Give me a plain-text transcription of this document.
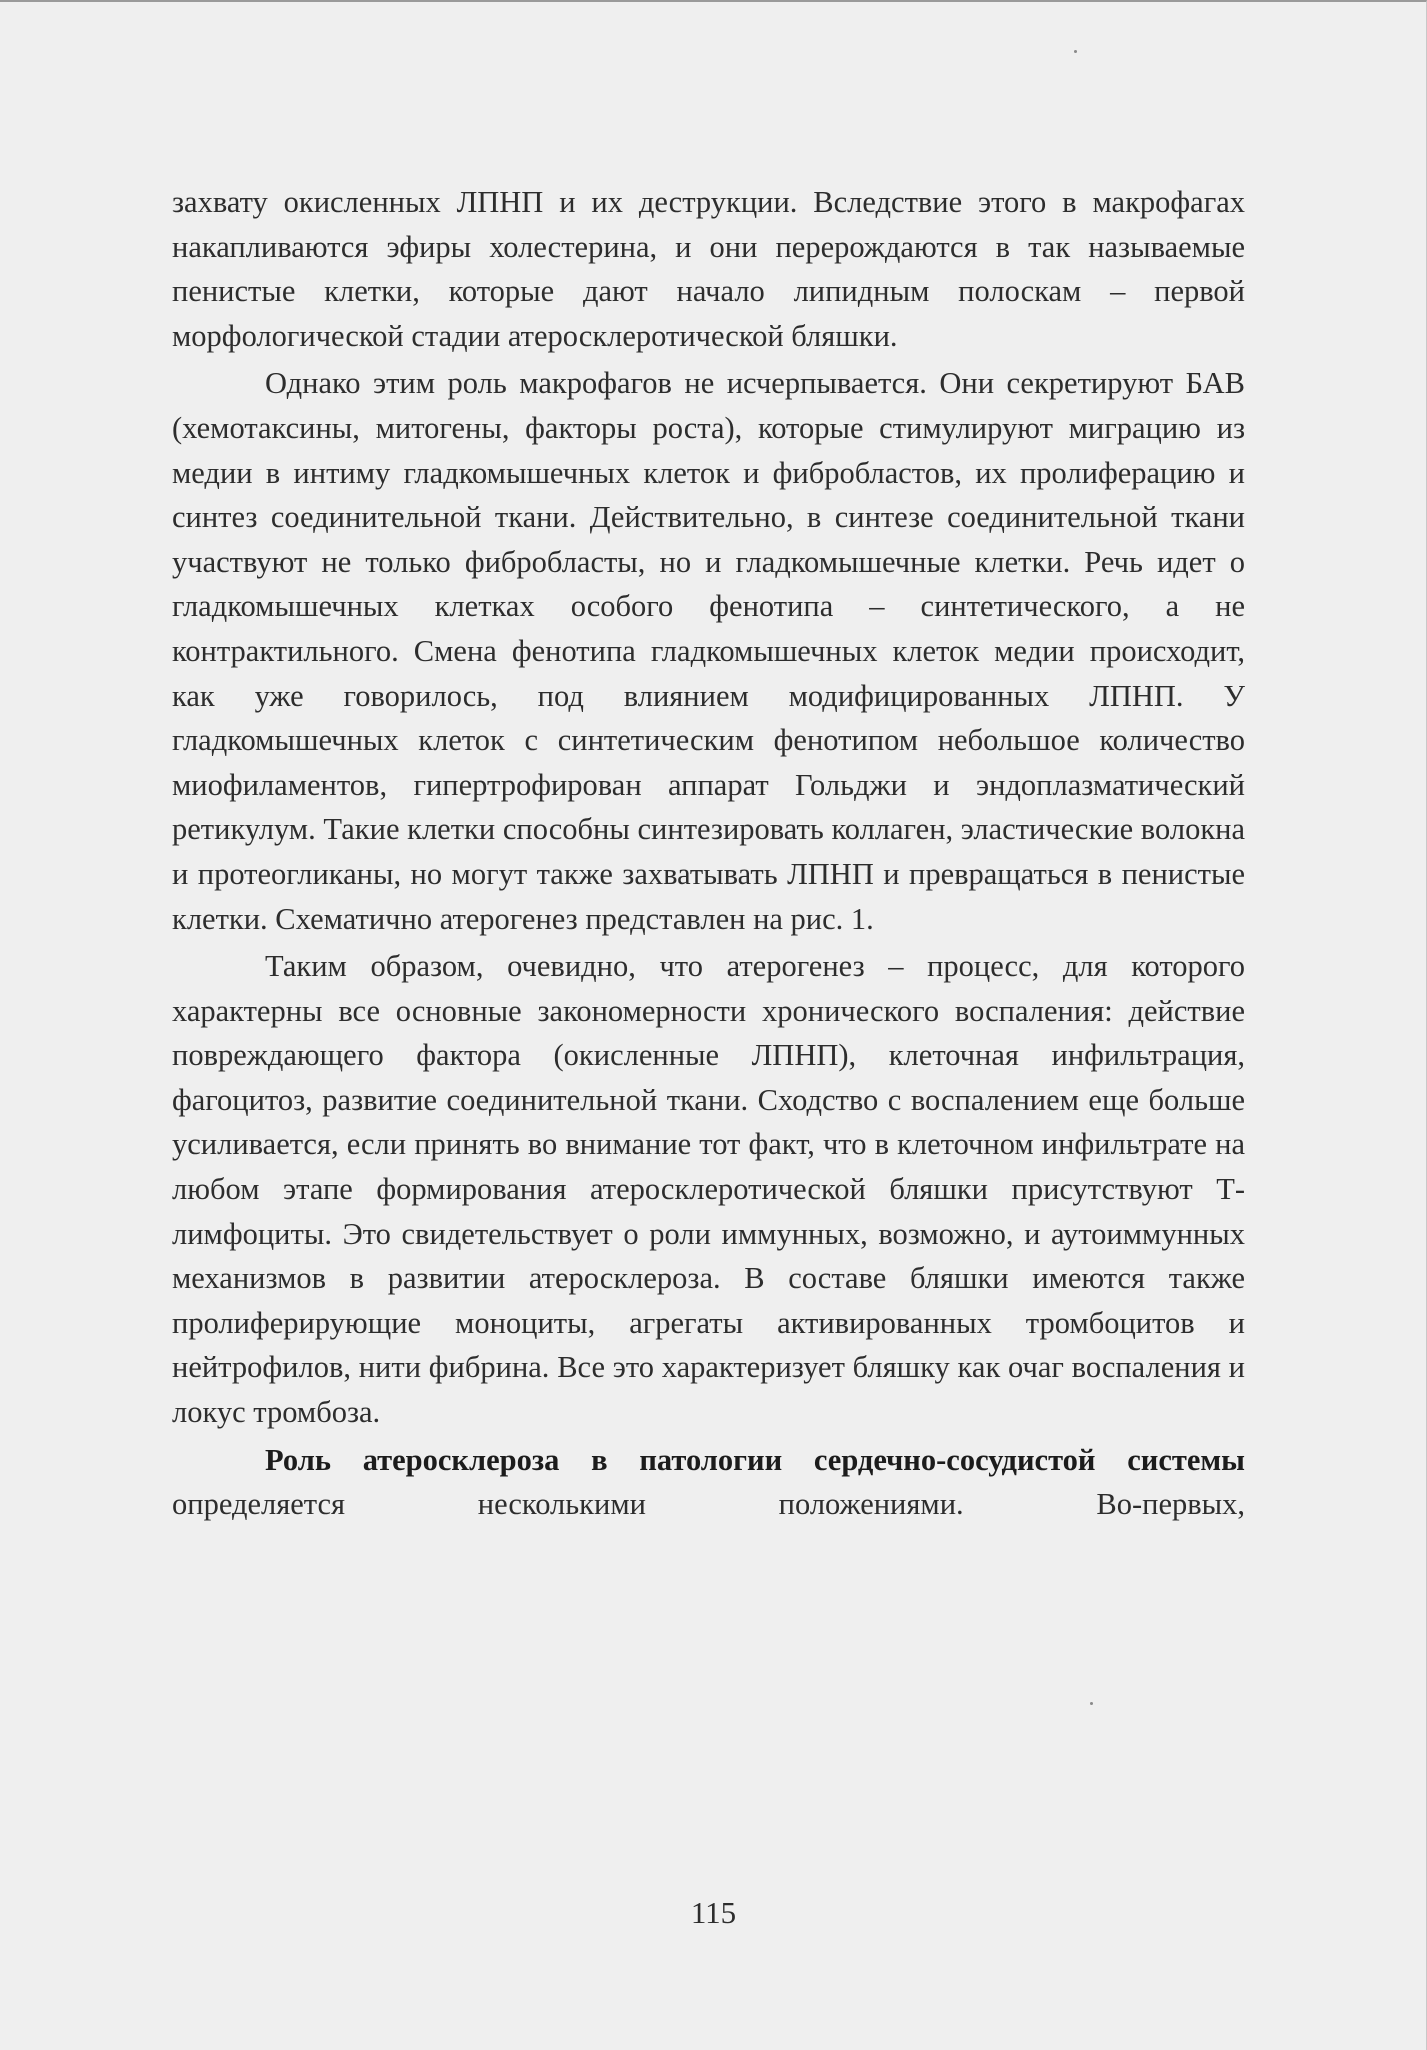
захвату окисленных ЛПНП и их деструкции. Вследствие этого в макрофагах накапливаются эфиры холестерина, и они перерождаются в так называемые пенистые клетки, которые дают начало липидным полоскам – первой морфологической стадии атеросклеротической бляшки.

Однако этим роль макрофагов не исчерпывается. Они секретируют БАВ (хемотаксины, митогены, факторы роста), которые стимулируют миграцию из медии в интиму гладкомышечных клеток и фибробластов, их пролиферацию и синтез соединительной ткани. Действительно, в синтезе соединительной ткани участвуют не только фибробласты, но и гладкомышечные клетки. Речь идет о гладкомышечных клетках особого фенотипа – синтетического, а не контрактильного. Смена фенотипа гладкомышечных клеток медии происходит, как уже говорилось, под влиянием модифицированных ЛПНП. У гладкомышечных клеток с синтетическим фенотипом небольшое количество миофиламентов, гипертрофирован аппарат Гольджи и эндоплазматический ретикулум. Такие клетки способны синтезировать коллаген, эластические волокна и протеогликаны, но могут также захватывать ЛПНП и превращаться в пенистые клетки. Схематично атерогенез представлен на рис. 1.

Таким образом, очевидно, что атерогенез – процесс, для которого характерны все основные закономерности хронического воспаления: действие повреждающего фактора (окисленные ЛПНП), клеточная инфильтрация, фагоцитоз, развитие соединительной ткани. Сходство с воспалением еще больше усиливается, если принять во внимание тот факт, что в клеточном инфильтрате на любом этапе формирования атеросклеротической бляшки присутствуют Т-лимфоциты. Это свидетельствует о роли иммунных, возможно, и аутоиммунных механизмов в развитии атеросклероза. В составе бляшки имеются также пролиферирующие моноциты, агрегаты активированных тромбоцитов и нейтрофилов, нити фибрина. Все это характеризует бляшку как очаг воспаления и локус тромбоза.

Роль атеросклероза в патологии сердечно-сосудистой системы определяется несколькими положениями. Во-первых,

115
